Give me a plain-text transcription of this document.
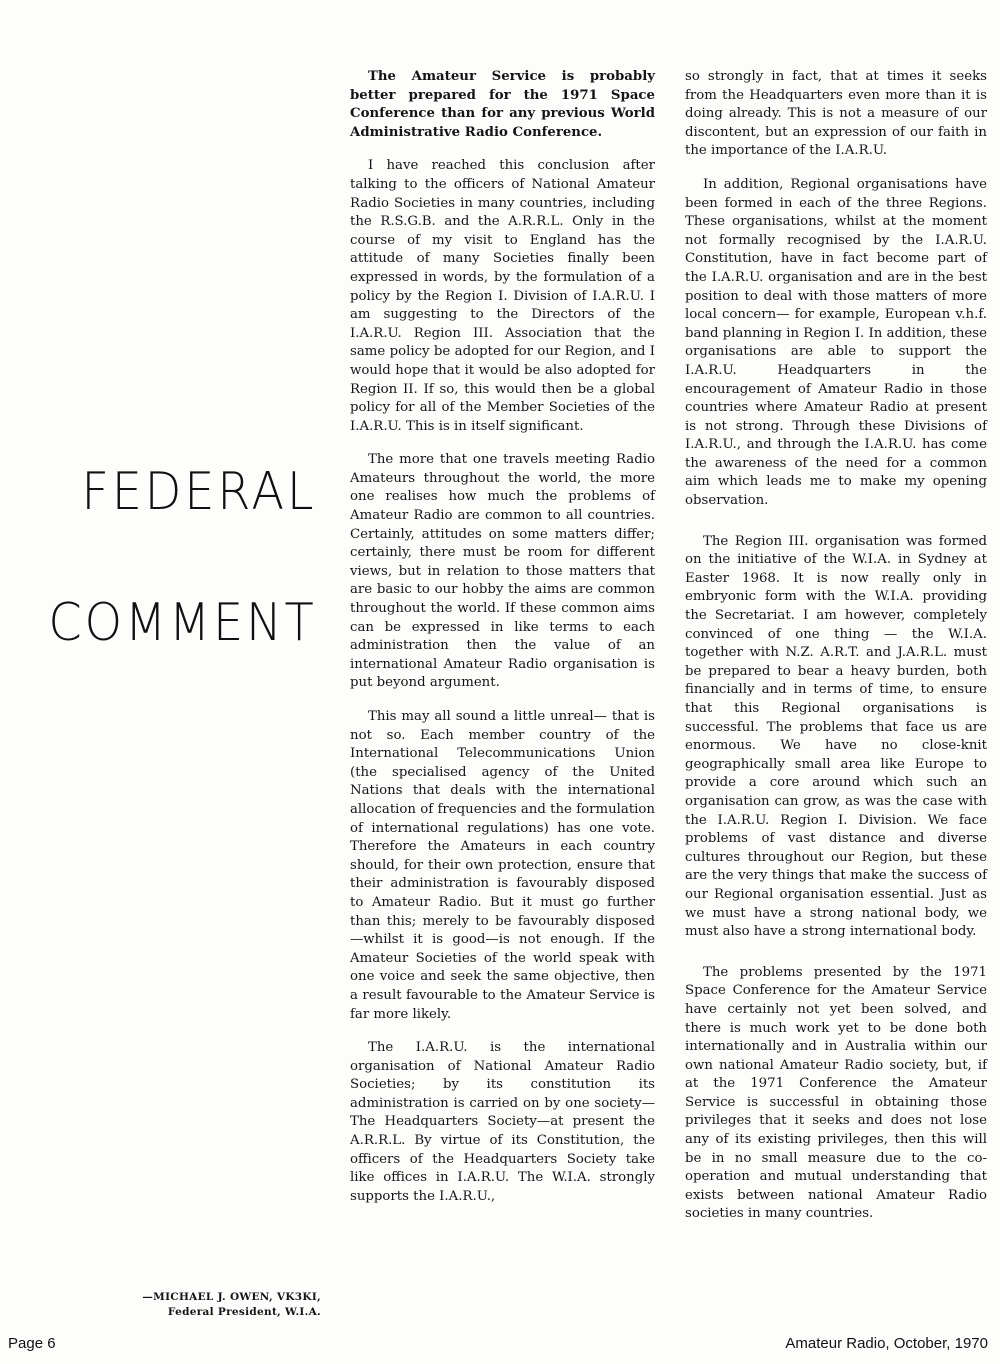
FEDERAL
COMMENT

The Amateur Service is probably better prepared for the 1971 Space Conference than for any previous World Administrative Radio Conference.

I have reached this conclusion after talking to the officers of National Amateur Radio Societies in many countries, including the R.S.G.B. and the A.R.R.L. Only in the course of my visit to England has the attitude of many Societies finally been expressed in words, by the formulation of a policy by the Region I. Division of I.A.R.U. I am suggesting to the Directors of the I.A.R.U. Region III. Association that the same policy be adopted for our Region, and I would hope that it would be also adopted for Region II. If so, this would then be a global policy for all of the Member Societies of the I.A.R.U. This is in itself significant.

The more that one travels meeting Radio Amateurs throughout the world, the more one realises how much the problems of Amateur Radio are common to all countries. Certainly, attitudes on some matters differ; certainly, there must be room for different views, but in relation to those matters that are basic to our hobby the aims are common throughout the world. If these common aims can be expressed in like terms to each administration then the value of an international Amateur Radio organisation is put beyond argument.

This may all sound a little unreal— that is not so. Each member country of the International Telecommunications Union (the specialised agency of the United Nations that deals with the international allocation of frequencies and the formulation of international regulations) has one vote. Therefore the Amateurs in each country should, for their own protection, ensure that their administration is favourably disposed to Amateur Radio. But it must go further than this; merely to be favourably disposed—whilst it is good—is not enough. If the Amateur Societies of the world speak with one voice and seek the same objective, then a result favourable to the Amateur Service is far more likely.

The I.A.R.U. is the international organisation of National Amateur Radio Societies; by its constitution its administration is carried on by one society— The Headquarters Society—at present the A.R.R.L. By virtue of its Constitution, the officers of the Headquarters Society take like offices in I.A.R.U. The W.I.A. strongly supports the I.A.R.U.,

so strongly in fact, that at times it seeks from the Headquarters even more than it is doing already. This is not a measure of our discontent, but an expression of our faith in the importance of the I.A.R.U.

In addition, Regional organisations have been formed in each of the three Regions. These organisations, whilst at the moment not formally recognised by the I.A.R.U. Constitution, have in fact become part of the I.A.R.U. organisation and are in the best position to deal with those matters of more local concern— for example, European v.h.f. band planning in Region I. In addition, these organisations are able to support the I.A.R.U. Headquarters in the encouragement of Amateur Radio in those countries where Amateur Radio at present is not strong. Through these Divisions of I.A.R.U., and through the I.A.R.U. has come the awareness of the need for a common aim which leads me to make my opening observation.

The Region III. organisation was formed on the initiative of the W.I.A. in Sydney at Easter 1968. It is now really only in embryonic form with the W.I.A. providing the Secretariat. I am however, completely convinced of one thing — the W.I.A. together with N.Z. A.R.T. and J.A.R.L. must be prepared to bear a heavy burden, both financially and in terms of time, to ensure that this Regional organisations is successful. The problems that face us are enormous. We have no close-knit geographically small area like Europe to provide a core around which such an organisation can grow, as was the case with the I.A.R.U. Region I. Division. We face problems of vast distance and diverse cultures throughout our Region, but these are the very things that make the success of our Regional organisation essential. Just as we must have a strong national body, we must also have a strong international body.

The problems presented by the 1971 Space Conference for the Amateur Service have certainly not yet been solved, and there is much work yet to be done both internationally and in Australia within our own national Amateur Radio society, but, if at the 1971 Conference the Amateur Service is successful in obtaining those privileges that it seeks and does not lose any of its existing privileges, then this will be in no small measure due to the co-operation and mutual understanding that exists between national Amateur Radio societies in many countries.

—MICHAEL J. OWEN, VK3KI,
Federal President, W.I.A.
Page 6	Amateur Radio, October, 1970
